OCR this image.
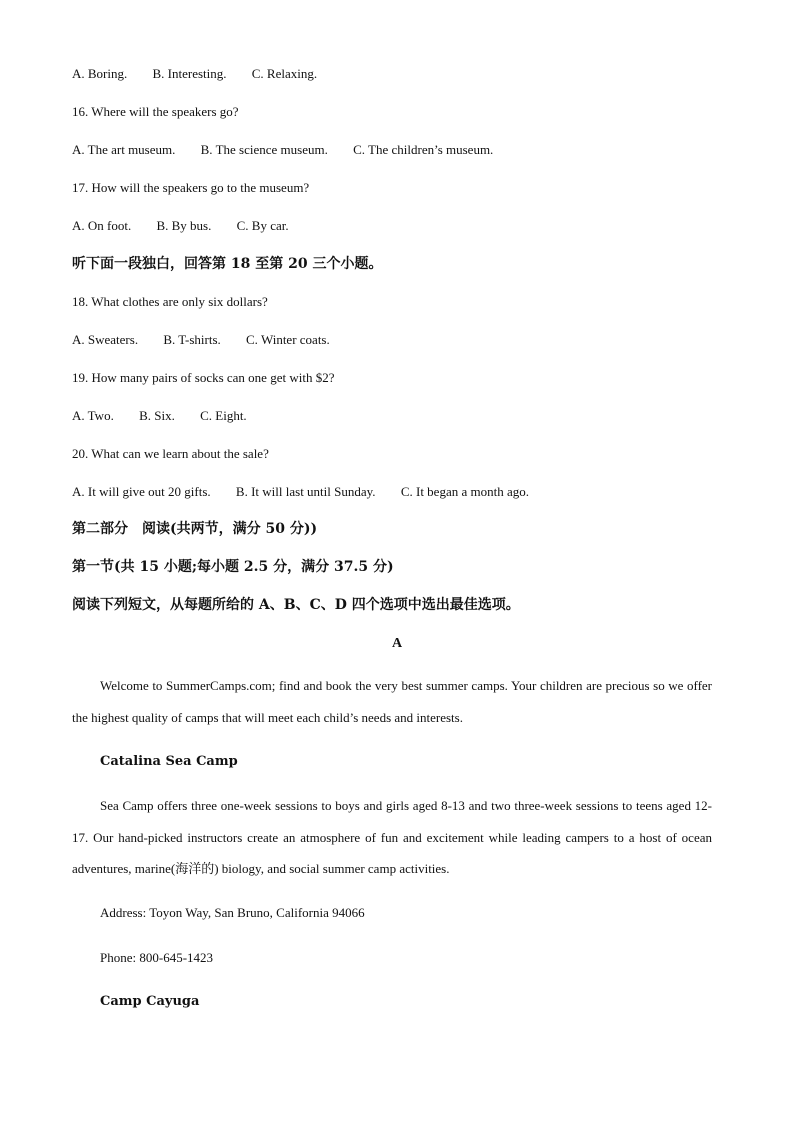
A. Boring. B. Interesting. C. Relaxing.
16. Where will the speakers go?
A. The art museum. B. The science museum. C. The children’s museum.
17. How will the speakers go to the museum?
A. On foot. B. By bus. C. By car.
听下面一段独白，回答第 18 至第 20 三个小题。
18. What clothes are only six dollars?
A. Sweaters. B. T-shirts. C. Winter coats.
19. How many pairs of socks can one get with $2?
A. Two. B. Six. C. Eight.
20. What can we learn about the sale?
A. It will give out 20 gifts. B. It will last until Sunday. C. It began a month ago.
第二部分　阅读(共两节，满分 50 分))
第一节(共 15 小题;每小题 2.5 分，满分 37.5 分)
阅读下列短文，从每题所给的 A、B、C、D 四个选项中选出最佳选项。
A
Welcome to SummerCamps.com; find and book the very best summer camps. Your children are precious so we offer the highest quality of camps that will meet each child’s needs and interests.
Catalina Sea Camp
Sea Camp offers three one-week sessions to boys and girls aged 8-13 and two three-week sessions to teens aged 12-17. Our hand-picked instructors create an atmosphere of fun and excitement while leading campers to a host of ocean adventures, marine(海洋的) biology, and social summer camp activities.
Address: Toyon Way, San Bruno, California 94066
Phone: 800-645-1423
Camp Cayuga
